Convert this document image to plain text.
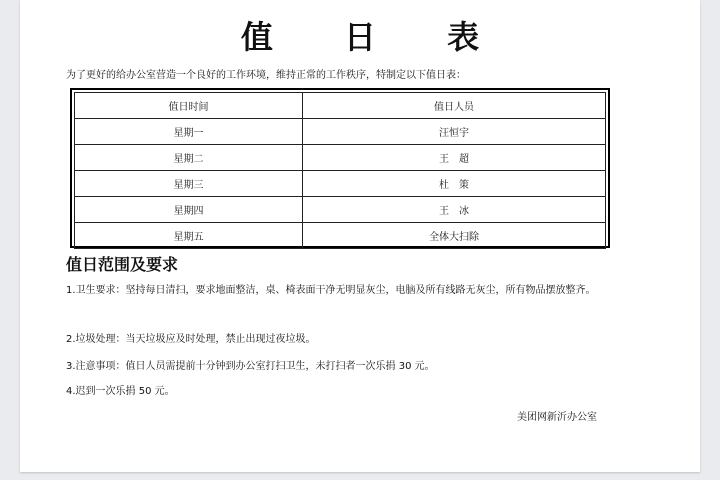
值 日 表
为了更好的给办公室营造一个良好的工作环境，维持正常的工作秩序，特制定以下值日表：
值日时间	值日人员
星期一	汪恒宇
星期二	王　超
星期三	杜　策
星期四	王　冰
星期五	全体大扫除
值日范围及要求
1.卫生要求：坚持每日清扫，要求地面整洁，桌、椅表面干净无明显灰尘，电脑及所有线路无灰尘，所有物品摆放整齐。
2.垃圾处理：当天垃圾应及时处理，禁止出现过夜垃圾。
3.注意事项：值日人员需提前十分钟到办公室打扫卫生，未打扫者一次乐捐 30 元。
4.迟到一次乐捐 50 元。
美团网新沂办公室
